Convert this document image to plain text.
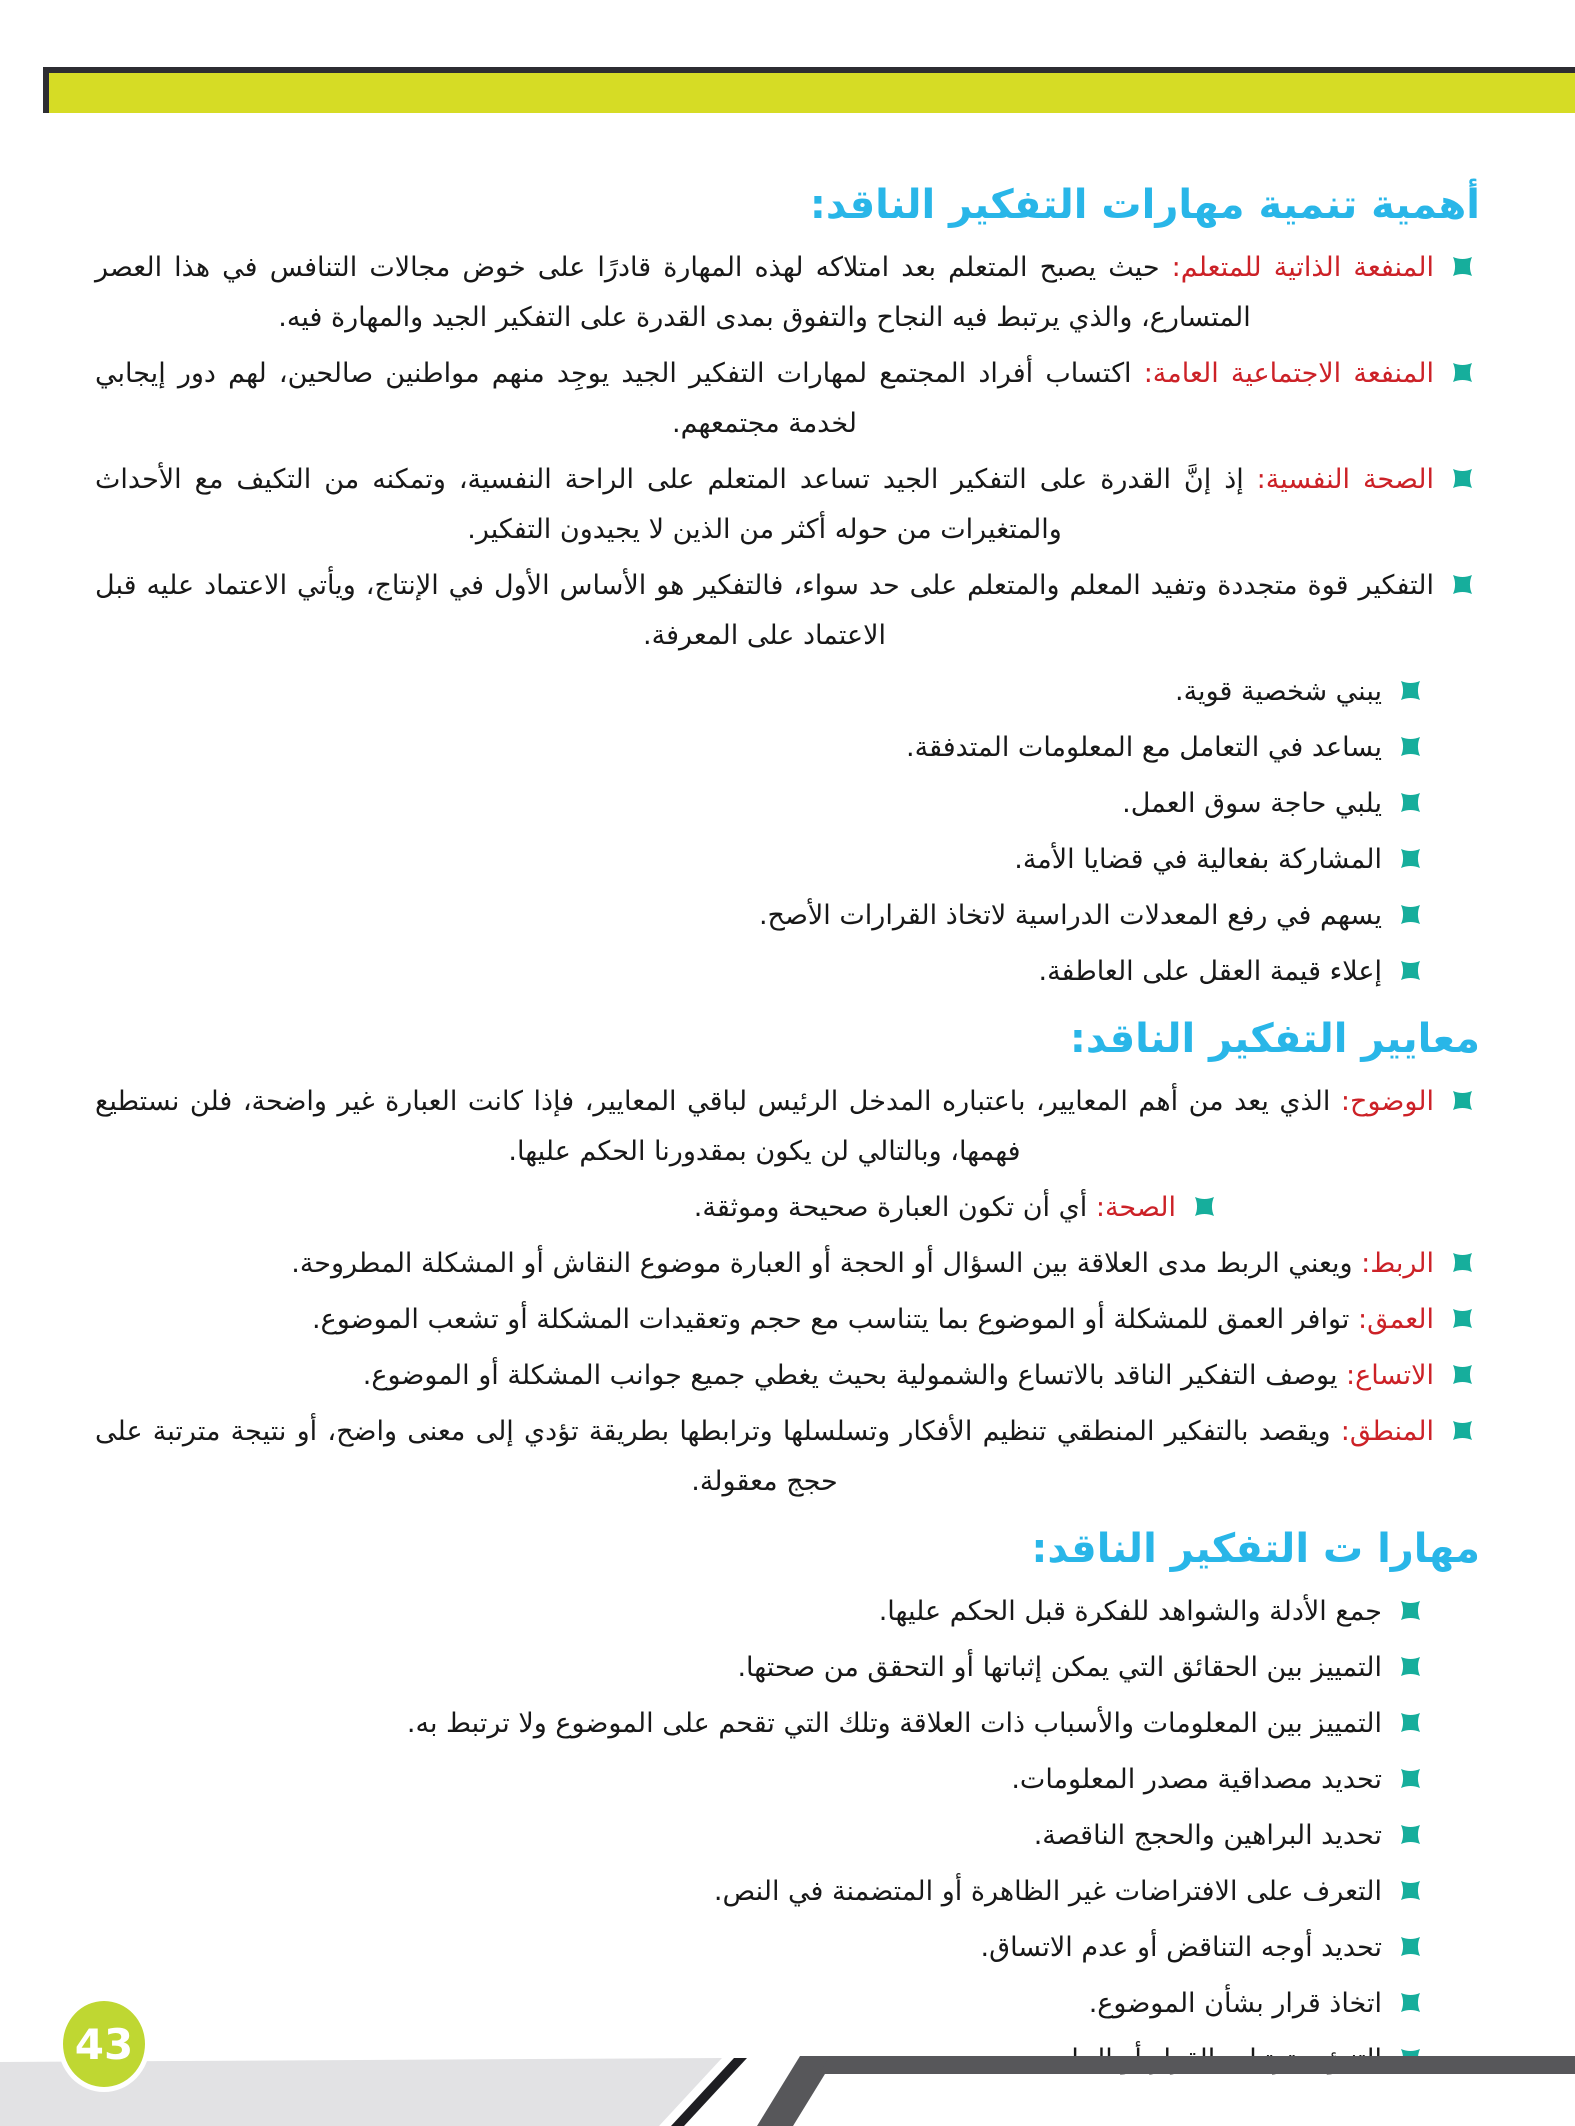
أهمية تنمية مهارات التفكير الناقد:
المنفعة الذاتية للمتعلم: حيث يصبح المتعلم بعد امتلاكه لهذه المهارة قادرًا على خوض مجالات التنافس في هذا العصر المتسارع، والذي يرتبط فيه النجاح والتفوق بمدى القدرة على التفكير الجيد والمهارة فيه.
المنفعة الاجتماعية العامة: اكتساب أفراد المجتمع لمهارات التفكير الجيد يوجِد منهم مواطنين صالحين، لهم دور إيجابي لخدمة مجتمعهم.
الصحة النفسية: إذ إنَّ القدرة على التفكير الجيد تساعد المتعلم على الراحة النفسية، وتمكنه من التكيف مع الأحداث والمتغيرات من حوله أكثر من الذين لا يجيدون التفكير.
التفكير قوة متجددة وتفيد المعلم والمتعلم على حد سواء، فالتفكير هو الأساس الأول في الإنتاج، ويأتي الاعتماد عليه قبل الاعتماد على المعرفة.
يبني شخصية قوية.
يساعد في التعامل مع المعلومات المتدفقة.
يلبي حاجة سوق العمل.
المشاركة بفعالية في قضايا الأمة.
يسهم في رفع المعدلات الدراسية لاتخاذ القرارات الأصح.
إعلاء قيمة العقل على العاطفة.
معايير التفكير الناقد:
الوضوح: الذي يعد من أهم المعايير، باعتباره المدخل الرئيس لباقي المعايير، فإذا كانت العبارة غير واضحة، فلن نستطيع فهمها، وبالتالي لن يكون بمقدورنا الحكم عليها.
الصحة: أي أن تكون العبارة صحيحة وموثقة.
الربط: ويعني الربط مدى العلاقة بين السؤال أو الحجة أو العبارة موضوع النقاش أو المشكلة المطروحة.
العمق: توافر العمق للمشكلة أو الموضوع بما يتناسب مع حجم وتعقيدات المشكلة أو تشعب الموضوع.
الاتساع: يوصف التفكير الناقد بالاتساع والشمولية بحيث يغطي جميع جوانب المشكلة أو الموضوع.
المنطق: ويقصد بالتفكير المنطقي تنظيم الأفكار وتسلسلها وترابطها بطريقة تؤدي إلى معنى واضح، أو نتيجة مترتبة على حجج معقولة.
مهارا ت التفكير الناقد:
جمع الأدلة والشواهد للفكرة قبل الحكم عليها.
التمييز بين الحقائق التي يمكن إثباتها أو التحقق من صحتها.
التمييز بين المعلومات والأسباب ذات العلاقة وتلك التي تقحم على الموضوع ولا ترتبط به.
تحديد مصداقية مصدر المعلومات.
تحديد البراهين والحجج الناقصة.
التعرف على الافتراضات غير الظاهرة أو المتضمنة في النص.
تحديد أوجه التناقض أو عدم الاتساق.
اتخاذ قرار بشأن الموضوع.
43
